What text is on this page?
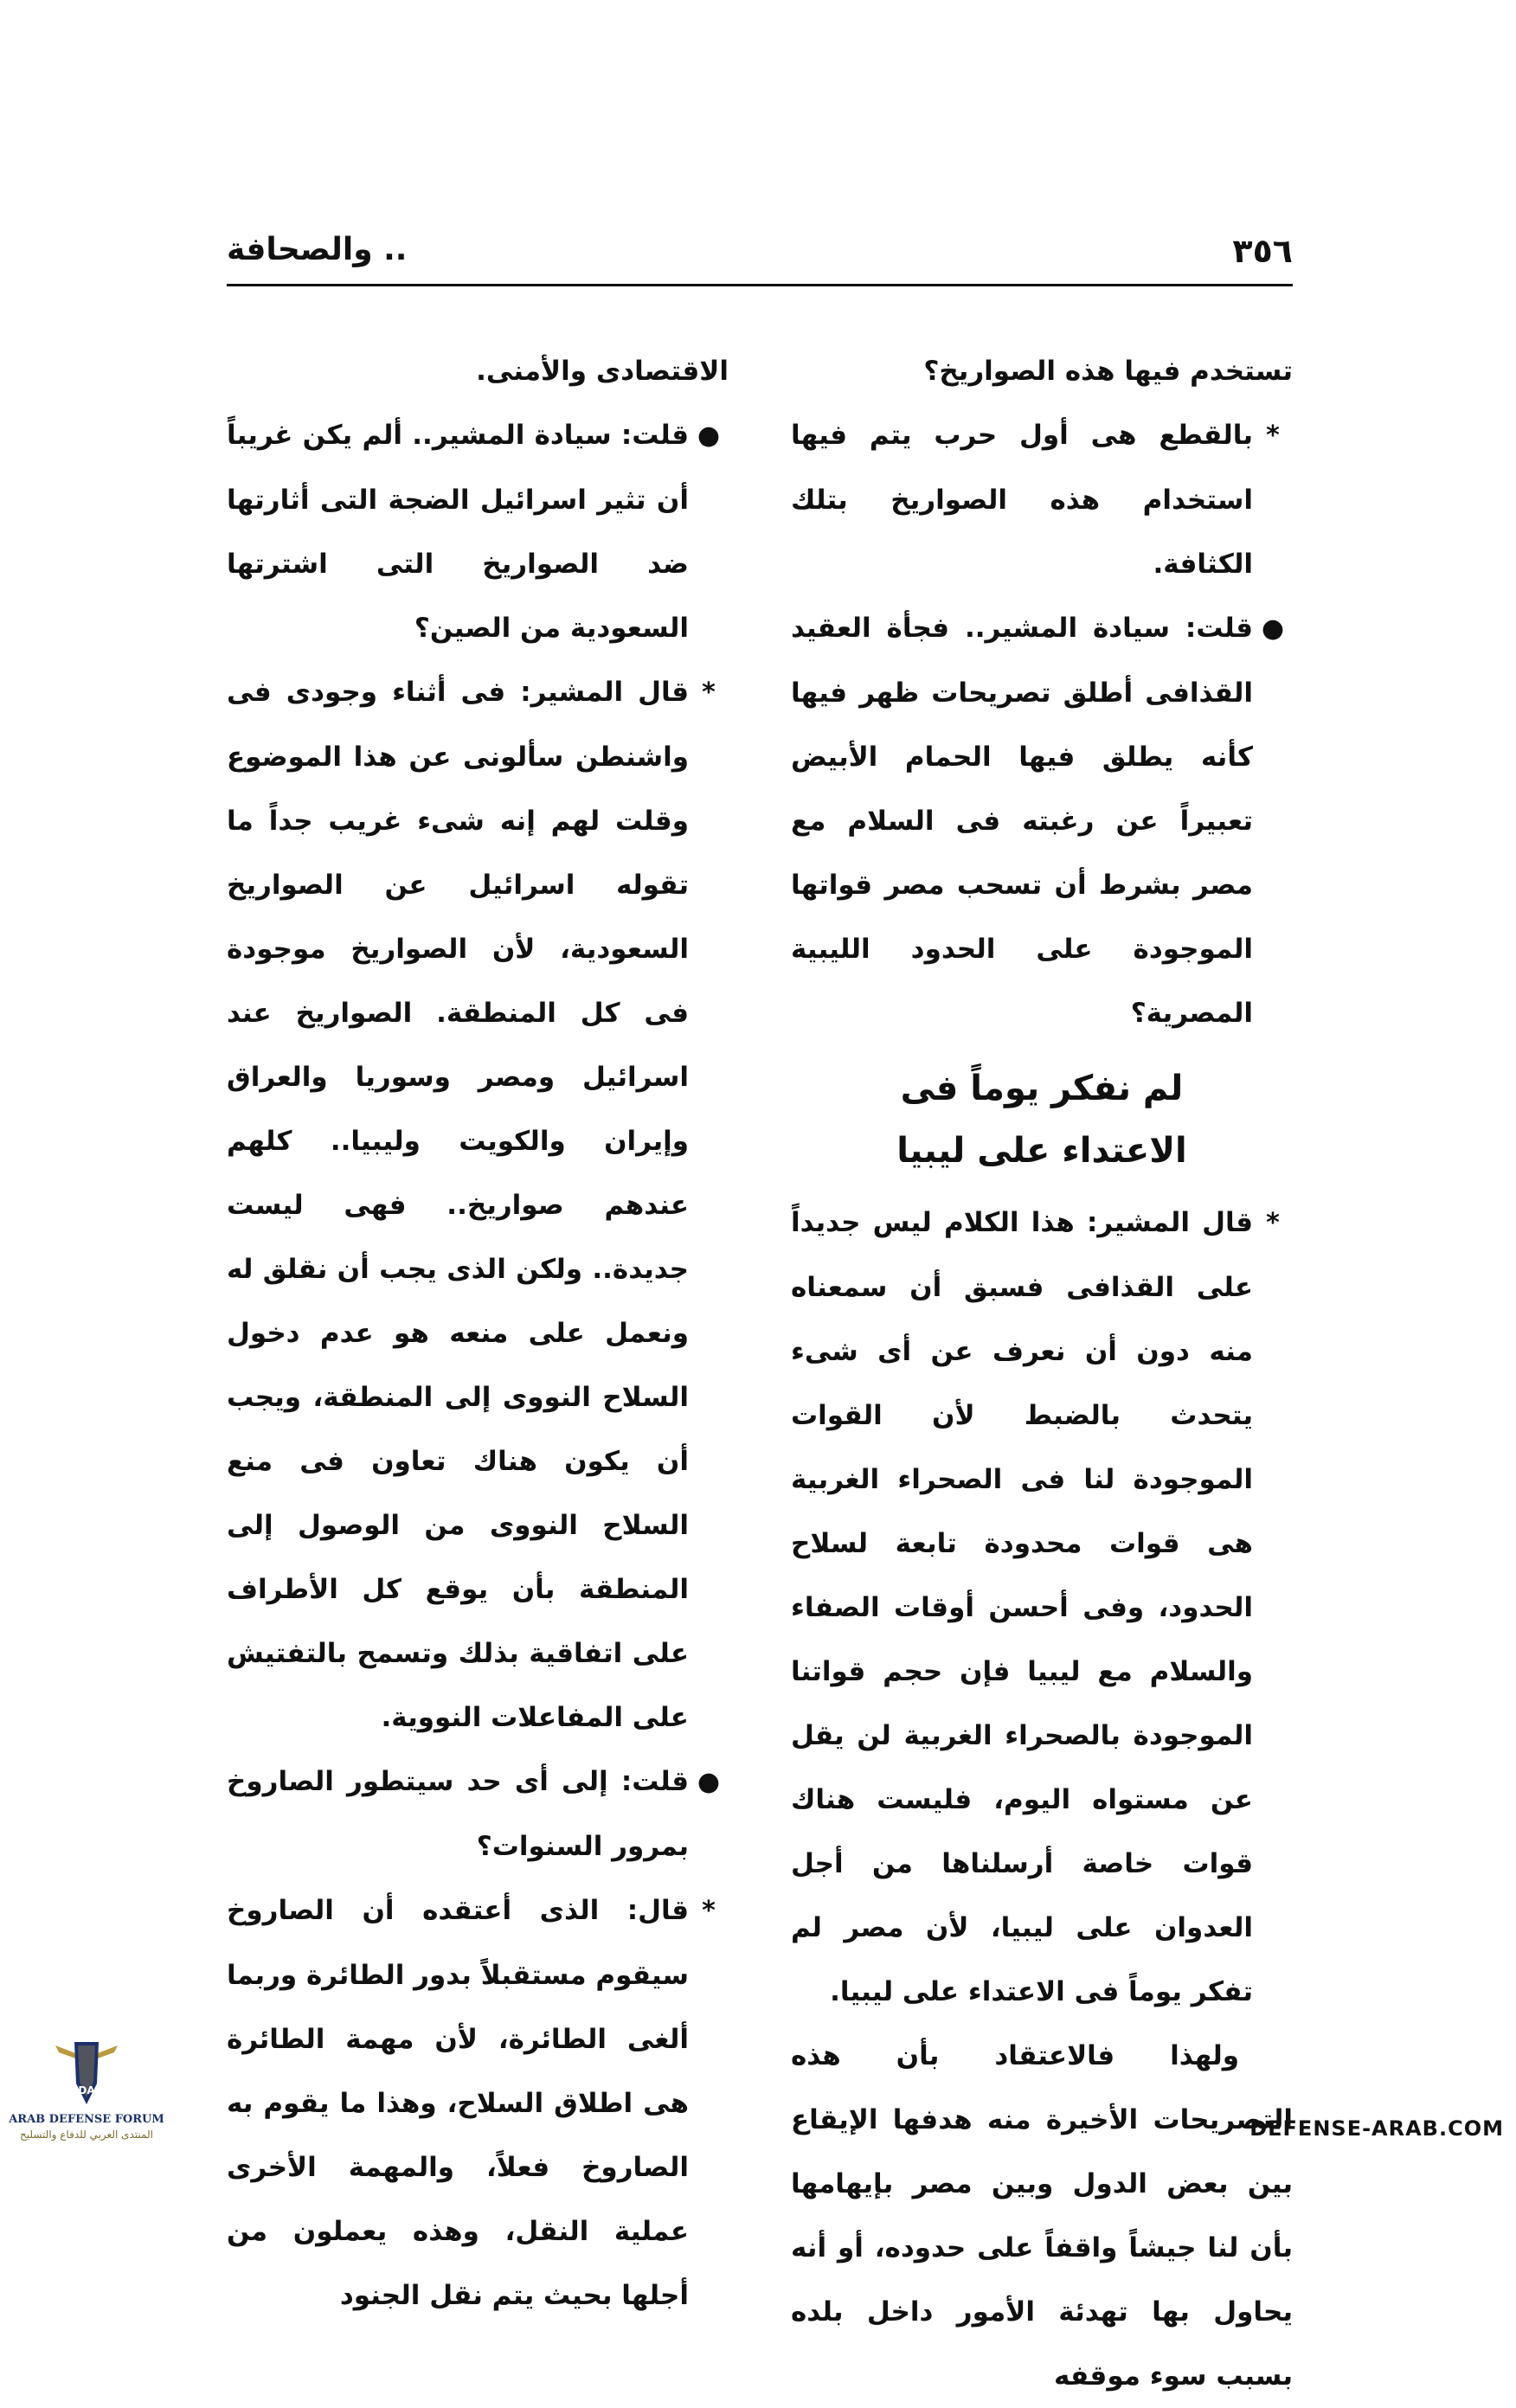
٣٥٦
.. والصحافة

تستخدم فيها هذه الصواريخ؟

*بالقطع هى أول حرب يتم فيها استخدام هذه الصواريخ بتلك الكثافة.

●قلت: سيادة المشير.. فجأة العقيد القذافى أطلق تصريحات ظهر فيها كأنه يطلق فيها الحمام الأبيض تعبيراً عن رغبته فى السلام مع مصر بشرط أن تسحب مصر قواتها الموجودة على الحدود الليبية المصرية؟

لم نفكر يوماً فى
الاعتداء على ليبيا

*قال المشير: هذا الكلام ليس جديداً على القذافى فسبق أن سمعناه منه دون أن نعرف عن أى شىء يتحدث بالضبط لأن القوات الموجودة لنا فى الصحراء الغربية هى قوات محدودة تابعة لسلاح الحدود، وفى أحسن أوقات الصفاء والسلام مع ليبيا فإن حجم قواتنا الموجودة بالصحراء الغربية لن يقل عن مستواه اليوم، فليست هناك قوات خاصة أرسلناها من أجل العدوان على ليبيا، لأن مصر لم تفكر يوماً فى الاعتداء على ليبيا.

ولهذا فالاعتقاد بأن هذه التصريحات الأخيرة منه هدفها الإيقاع بين بعض الدول وبين مصر بإيهامها بأن لنا جيشاً واقفاً على حدوده، أو أنه يحاول بها تهدئة الأمور داخل بلده بسبب سوء موقفه

الاقتصادى والأمنى.

●قلت: سيادة المشير.. ألم يكن غريباً أن تثير اسرائيل الضجة التى أثارتها ضد الصواريخ التى اشترتها السعودية من الصين؟

*قال المشير: فى أثناء وجودى فى واشنطن سألونى عن هذا الموضوع وقلت لهم إنه شىء غريب جداً ما تقوله اسرائيل عن الصواريخ السعودية، لأن الصواريخ موجودة فى كل المنطقة. الصواريخ عند اسرائيل ومصر وسوريا والعراق وإيران والكويت وليبيا.. كلهم عندهم صواريخ.. فهى ليست جديدة.. ولكن الذى يجب أن نقلق له ونعمل على منعه هو عدم دخول السلاح النووى إلى المنطقة، ويجب أن يكون هناك تعاون فى منع السلاح النووى من الوصول إلى المنطقة بأن يوقع كل الأطراف على اتفاقية بذلك وتسمح بالتفتيش على المفاعلات النووية.

●قلت: إلى أى حد سيتطور الصاروخ بمرور السنوات؟

*قال: الذى أعتقده أن الصاروخ سيقوم مستقبلاً بدور الطائرة وربما ألغى الطائرة، لأن مهمة الطائرة هى اطلاق السلاح، وهذا ما يقوم به الصاروخ فعلاً، والمهمة الأخرى عملية النقل، وهذه يعملون من أجلها بحيث يتم نقل الجنود

DA
ARAB DEFENSE FORUM
المنتدى العربي للدفاع والتسليح	DEFENSE-ARAB.COM
